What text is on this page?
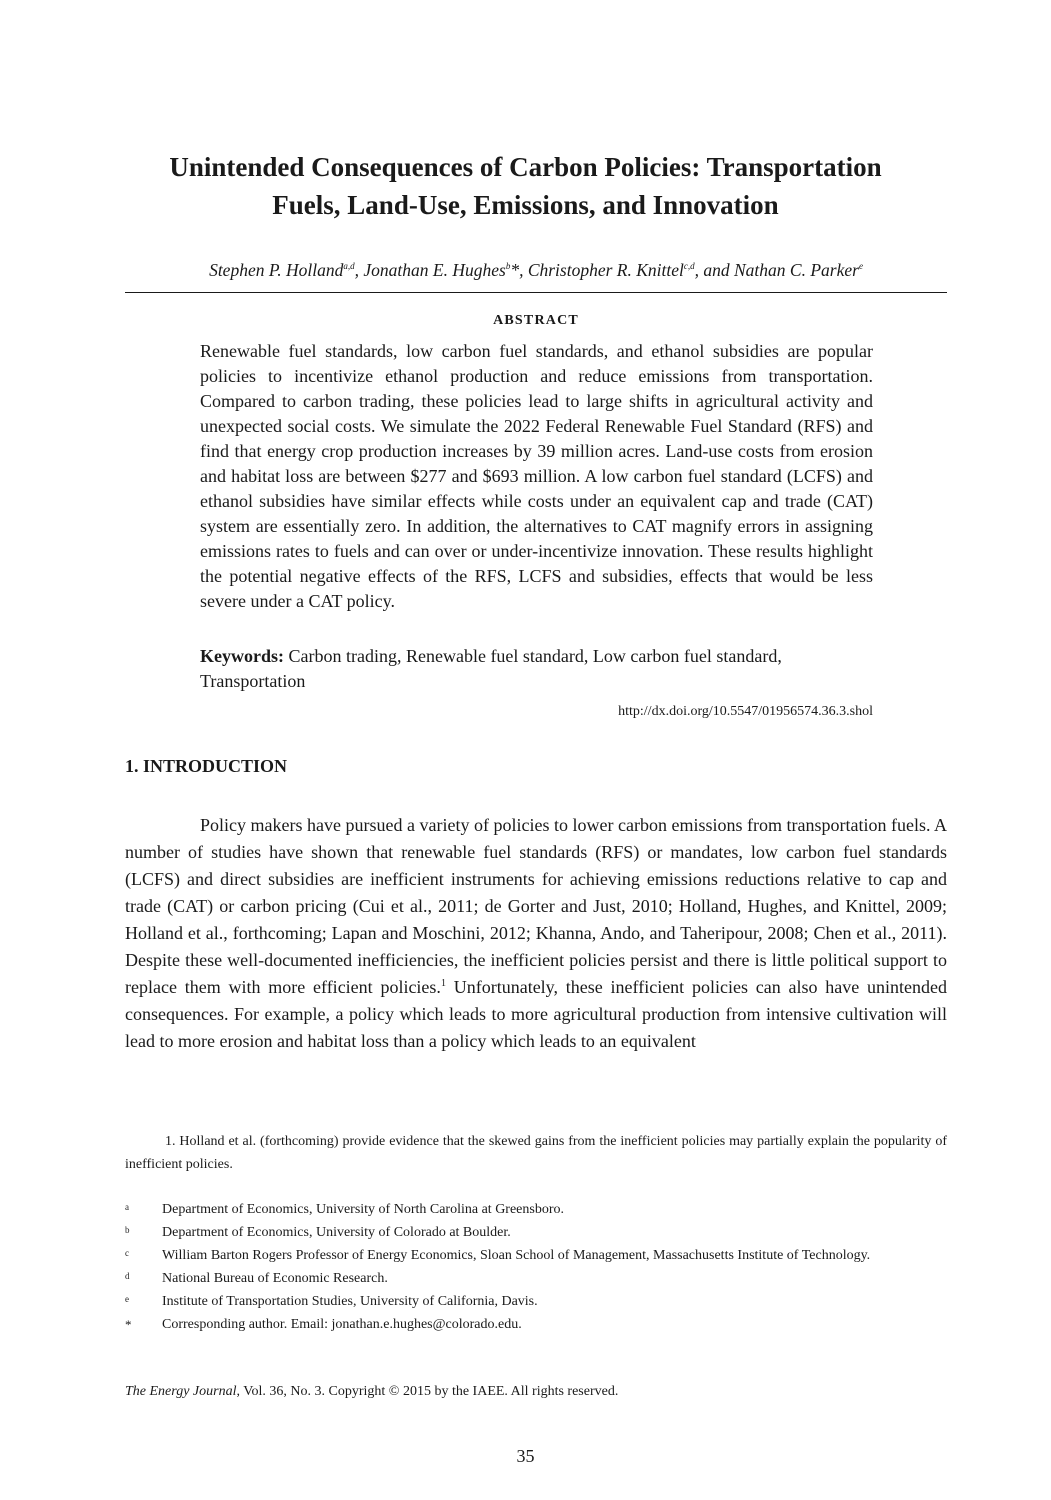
Unintended Consequences of Carbon Policies: Transportation
Fuels, Land-Use, Emissions, and Innovation
Stephen P. Holland$^{a,d}$, Jonathan E. Hughes$^b$*, Christopher R. Knittel$^{c,d}$, and Nathan C. Parker$^e$
ABSTRACT
Renewable fuel standards, low carbon fuel standards, and ethanol subsidies are popular policies to incentivize ethanol production and reduce emissions from transportation. Compared to carbon trading, these policies lead to large shifts in agricultural activity and unexpected social costs. We simulate the 2022 Federal Renewable Fuel Standard (RFS) and find that energy crop production increases by 39 million acres. Land-use costs from erosion and habitat loss are between $277 and $693 million. A low carbon fuel standard (LCFS) and ethanol subsidies have similar effects while costs under an equivalent cap and trade (CAT) system are essentially zero. In addition, the alternatives to CAT magnify errors in assigning emissions rates to fuels and can over or under-incentivize innovation. These results highlight the potential negative effects of the RFS, LCFS and subsidies, effects that would be less severe under a CAT policy.
Keywords: Carbon trading, Renewable fuel standard, Low carbon fuel standard, Transportation
http://dx.doi.org/10.5547/01956574.36.3.shol
1. INTRODUCTION
Policy makers have pursued a variety of policies to lower carbon emissions from transportation fuels. A number of studies have shown that renewable fuel standards (RFS) or mandates, low carbon fuel standards (LCFS) and direct subsidies are inefficient instruments for achieving emissions reductions relative to cap and trade (CAT) or carbon pricing (Cui et al., 2011; de Gorter and Just, 2010; Holland, Hughes, and Knittel, 2009; Holland et al., forthcoming; Lapan and Moschini, 2012; Khanna, Ando, and Taheripour, 2008; Chen et al., 2011). Despite these well-documented inefficiencies, the inefficient policies persist and there is little political support to replace them with more efficient policies.$^1$ Unfortunately, these inefficient policies can also have unintended consequences. For example, a policy which leads to more agricultural production from intensive cultivation will lead to more erosion and habitat loss than a policy which leads to an equivalent
1. Holland et al. (forthcoming) provide evidence that the skewed gains from the inefficient policies may partially explain the popularity of inefficient policies.
a Department of Economics, University of North Carolina at Greensboro.
b Department of Economics, University of Colorado at Boulder.
c William Barton Rogers Professor of Energy Economics, Sloan School of Management, Massachusetts Institute of Technology.
d National Bureau of Economic Research.
e Institute of Transportation Studies, University of California, Davis.
* Corresponding author. Email: jonathan.e.hughes@colorado.edu.
The Energy Journal, Vol. 36, No. 3. Copyright © 2015 by the IAEE. All rights reserved.
35
